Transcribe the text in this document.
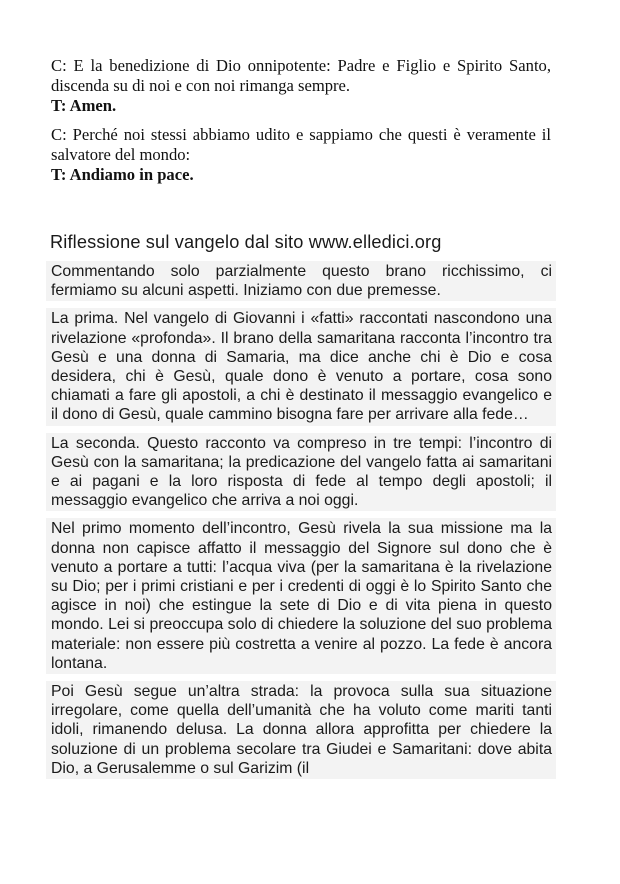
C: E la benedizione di Dio onnipotente: Padre e Figlio e Spirito Santo, discenda su di noi e con noi rimanga sempre.

T: Amen.

C: Perché noi stessi abbiamo udito e sappiamo che questi è veramente il salvatore del mondo:

T: Andiamo in pace.

Riflessione sul vangelo dal sito www.elledici.org

Commentando solo parzialmente questo brano ricchissimo, ci fermiamo su alcuni aspetti. Iniziamo con due premesse.

La prima. Nel vangelo di Giovanni i «fatti» raccontati nascondono una rivelazione «profonda». Il brano della samaritana racconta l’incontro tra Gesù e una donna di Samaria, ma dice anche chi è Dio e cosa desidera, chi è Gesù, quale dono è venuto a portare, cosa sono chiamati a fare gli apostoli, a chi è destinato il messaggio evangelico e il dono di Gesù, quale cammino bisogna fare per arrivare alla fede…

La seconda. Questo racconto va compreso in tre tempi: l’incontro di Gesù con la samaritana; la predicazione del vangelo fatta ai samaritani e ai pagani e la loro risposta di fede al tempo degli apostoli; il messaggio evangelico che arriva a noi oggi.

Nel primo momento dell’incontro, Gesù rivela la sua missione ma la donna non capisce affatto il messaggio del Signore sul dono che è venuto a portare a tutti: l’acqua viva (per la samaritana è la rivelazione su Dio; per i primi cristiani e per i credenti di oggi è lo Spirito Santo che agisce in noi) che estingue la sete di Dio e di vita piena in questo mondo. Lei si preoccupa solo di chiedere la soluzione del suo problema materiale: non essere più costretta a venire al pozzo. La fede è ancora lontana.

Poi Gesù segue un’altra strada: la provoca sulla sua situazione irregolare, come quella dell’umanità che ha voluto come mariti tanti idoli, rimanendo delusa. La donna allora approfitta per chiedere la soluzione di un problema secolare tra Giudei e Samaritani: dove abita Dio, a Gerusalemme o sul Garizim (il
